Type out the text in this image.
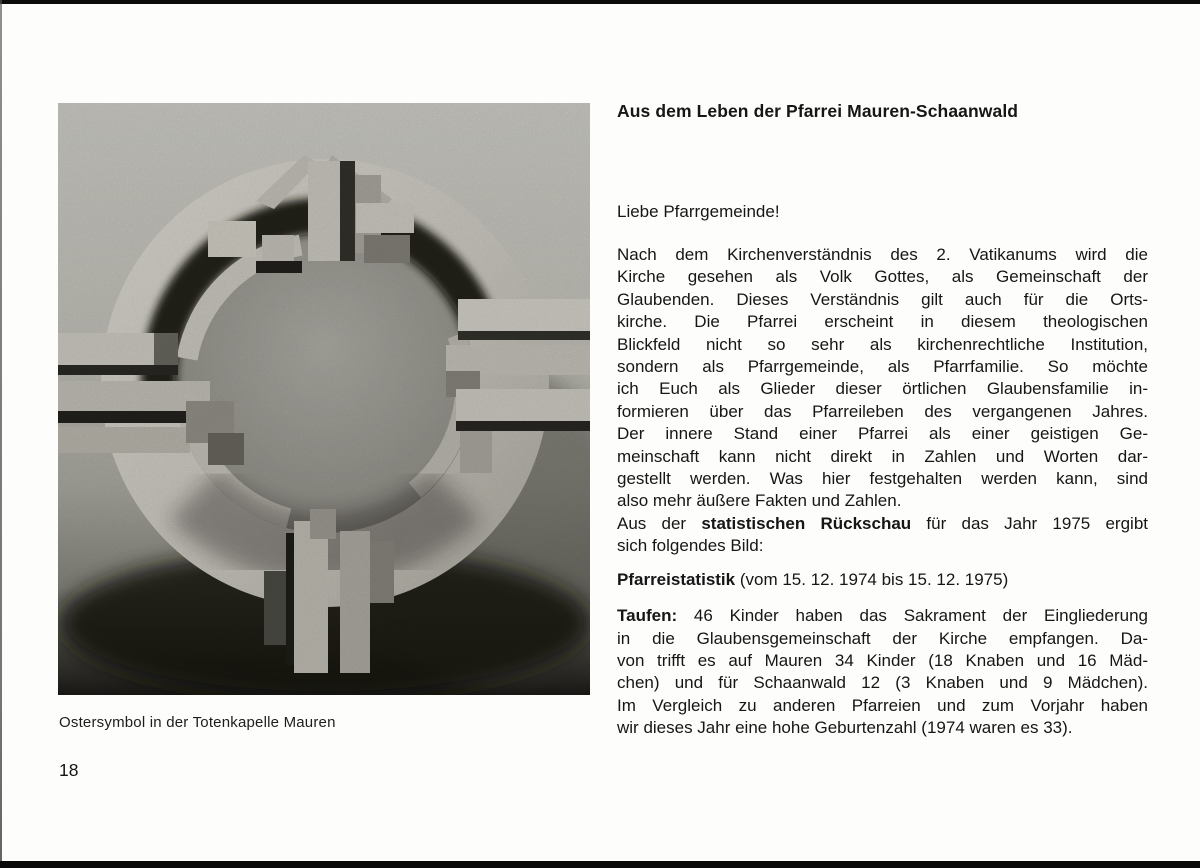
Ostersymbol in der Totenkapelle Mauren
18
Aus dem Leben der Pfarrei Mauren-Schaanwald

Liebe Pfarrgemeinde!

Nach dem Kirchenverständnis des 2. Vatikanums wird die
Kirche gesehen als Volk Gottes, als Gemeinschaft der
Glaubenden. Dieses Verständnis gilt auch für die Orts-
kirche. Die Pfarrei erscheint in diesem theologischen
Blickfeld nicht so sehr als kirchenrechtliche Institution,
sondern als Pfarrgemeinde, als Pfarrfamilie. So möchte
ich Euch als Glieder dieser örtlichen Glaubensfamilie in-
formieren über das Pfarreileben des vergangenen Jahres.
Der innere Stand einer Pfarrei als einer geistigen Ge-
meinschaft kann nicht direkt in Zahlen und Worten dar-
gestellt werden. Was hier festgehalten werden kann, sind
also mehr äußere Fakten und Zahlen.
Aus der statistischen Rückschau für das Jahr 1975 ergibt
sich folgendes Bild:
Pfarreistatistik (vom 15. 12. 1974 bis 15. 12. 1975)
Taufen: 46 Kinder haben das Sakrament der Eingliederung
in die Glaubensgemeinschaft der Kirche empfangen. Da-
von trifft es auf Mauren 34 Kinder (18 Knaben und 16 Mäd-
chen) und für Schaanwald 12 (3 Knaben und 9 Mädchen).
Im Vergleich zu anderen Pfarreien und zum Vorjahr haben
wir dieses Jahr eine hohe Geburtenzahl (1974 waren es 33).
